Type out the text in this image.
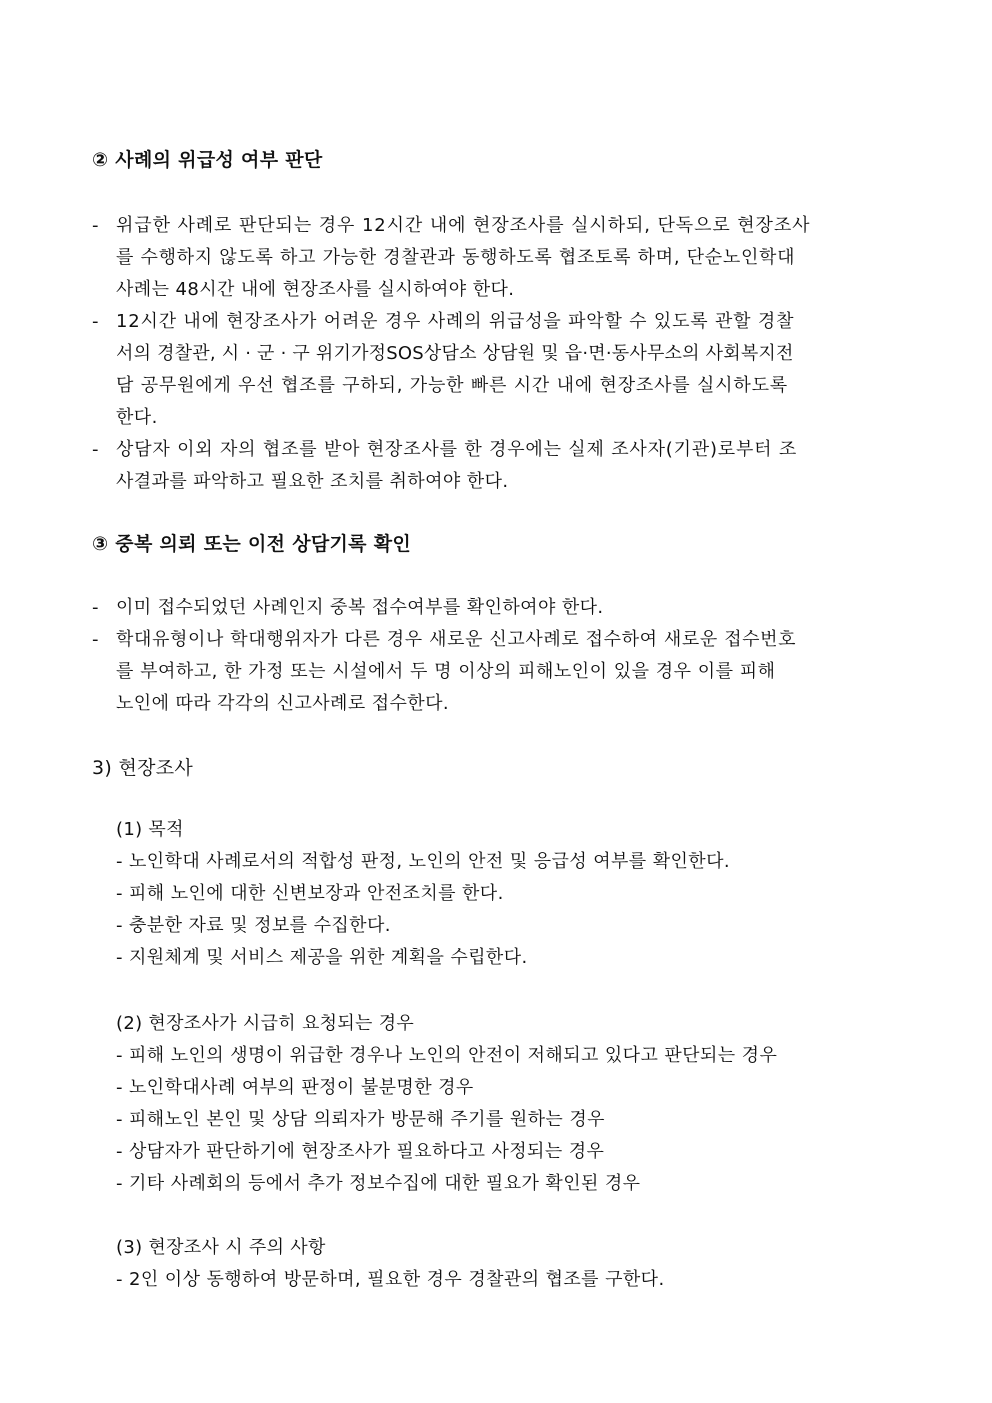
② 사례의 위급성 여부 판단
- 위급한 사례로 판단되는 경우 12시간 내에 현장조사를 실시하되, 단독으로 현장조사
를 수행하지 않도록 하고 가능한 경찰관과 동행하도록 협조토록 하며, 단순노인학대
사례는 48시간 내에 현장조사를 실시하여야 한다.
- 12시간 내에 현장조사가 어려운 경우 사례의 위급성을 파악할 수 있도록 관할 경찰
서의 경찰관, 시 · 군 · 구 위기가정SOS상담소 상담원 및 읍·면·동사무소의 사회복지전
담 공무원에게 우선 협조를 구하되, 가능한 빠른 시간 내에 현장조사를 실시하도록
한다.
- 상담자 이외 자의 협조를 받아 현장조사를 한 경우에는 실제 조사자(기관)로부터 조
사결과를 파악하고 필요한 조치를 취하여야 한다.
③ 중복 의뢰 또는 이전 상담기록 확인
- 이미 접수되었던 사례인지 중복 접수여부를 확인하여야 한다.
- 학대유형이나 학대행위자가 다른 경우 새로운 신고사례로 접수하여 새로운 접수번호
를 부여하고, 한 가정 또는 시설에서 두 명 이상의 피해노인이 있을 경우 이를 피해
노인에 따라 각각의 신고사례로 접수한다.
3) 현장조사
(1) 목적
- 노인학대 사례로서의 적합성 판정, 노인의 안전 및 응급성 여부를 확인한다.
- 피해 노인에 대한 신변보장과 안전조치를 한다.
- 충분한 자료 및 정보를 수집한다.
- 지원체계 및 서비스 제공을 위한 계획을 수립한다.
(2) 현장조사가 시급히 요청되는 경우
- 피해 노인의 생명이 위급한 경우나 노인의 안전이 저해되고 있다고 판단되는 경우
- 노인학대사례 여부의 판정이 불분명한 경우
- 피해노인 본인 및 상담 의뢰자가 방문해 주기를 원하는 경우
- 상담자가 판단하기에 현장조사가 필요하다고 사정되는 경우
- 기타 사례회의 등에서 추가 정보수집에 대한 필요가 확인된 경우
(3) 현장조사 시 주의 사항
- 2인 이상 동행하여 방문하며, 필요한 경우 경찰관의 협조를 구한다.
